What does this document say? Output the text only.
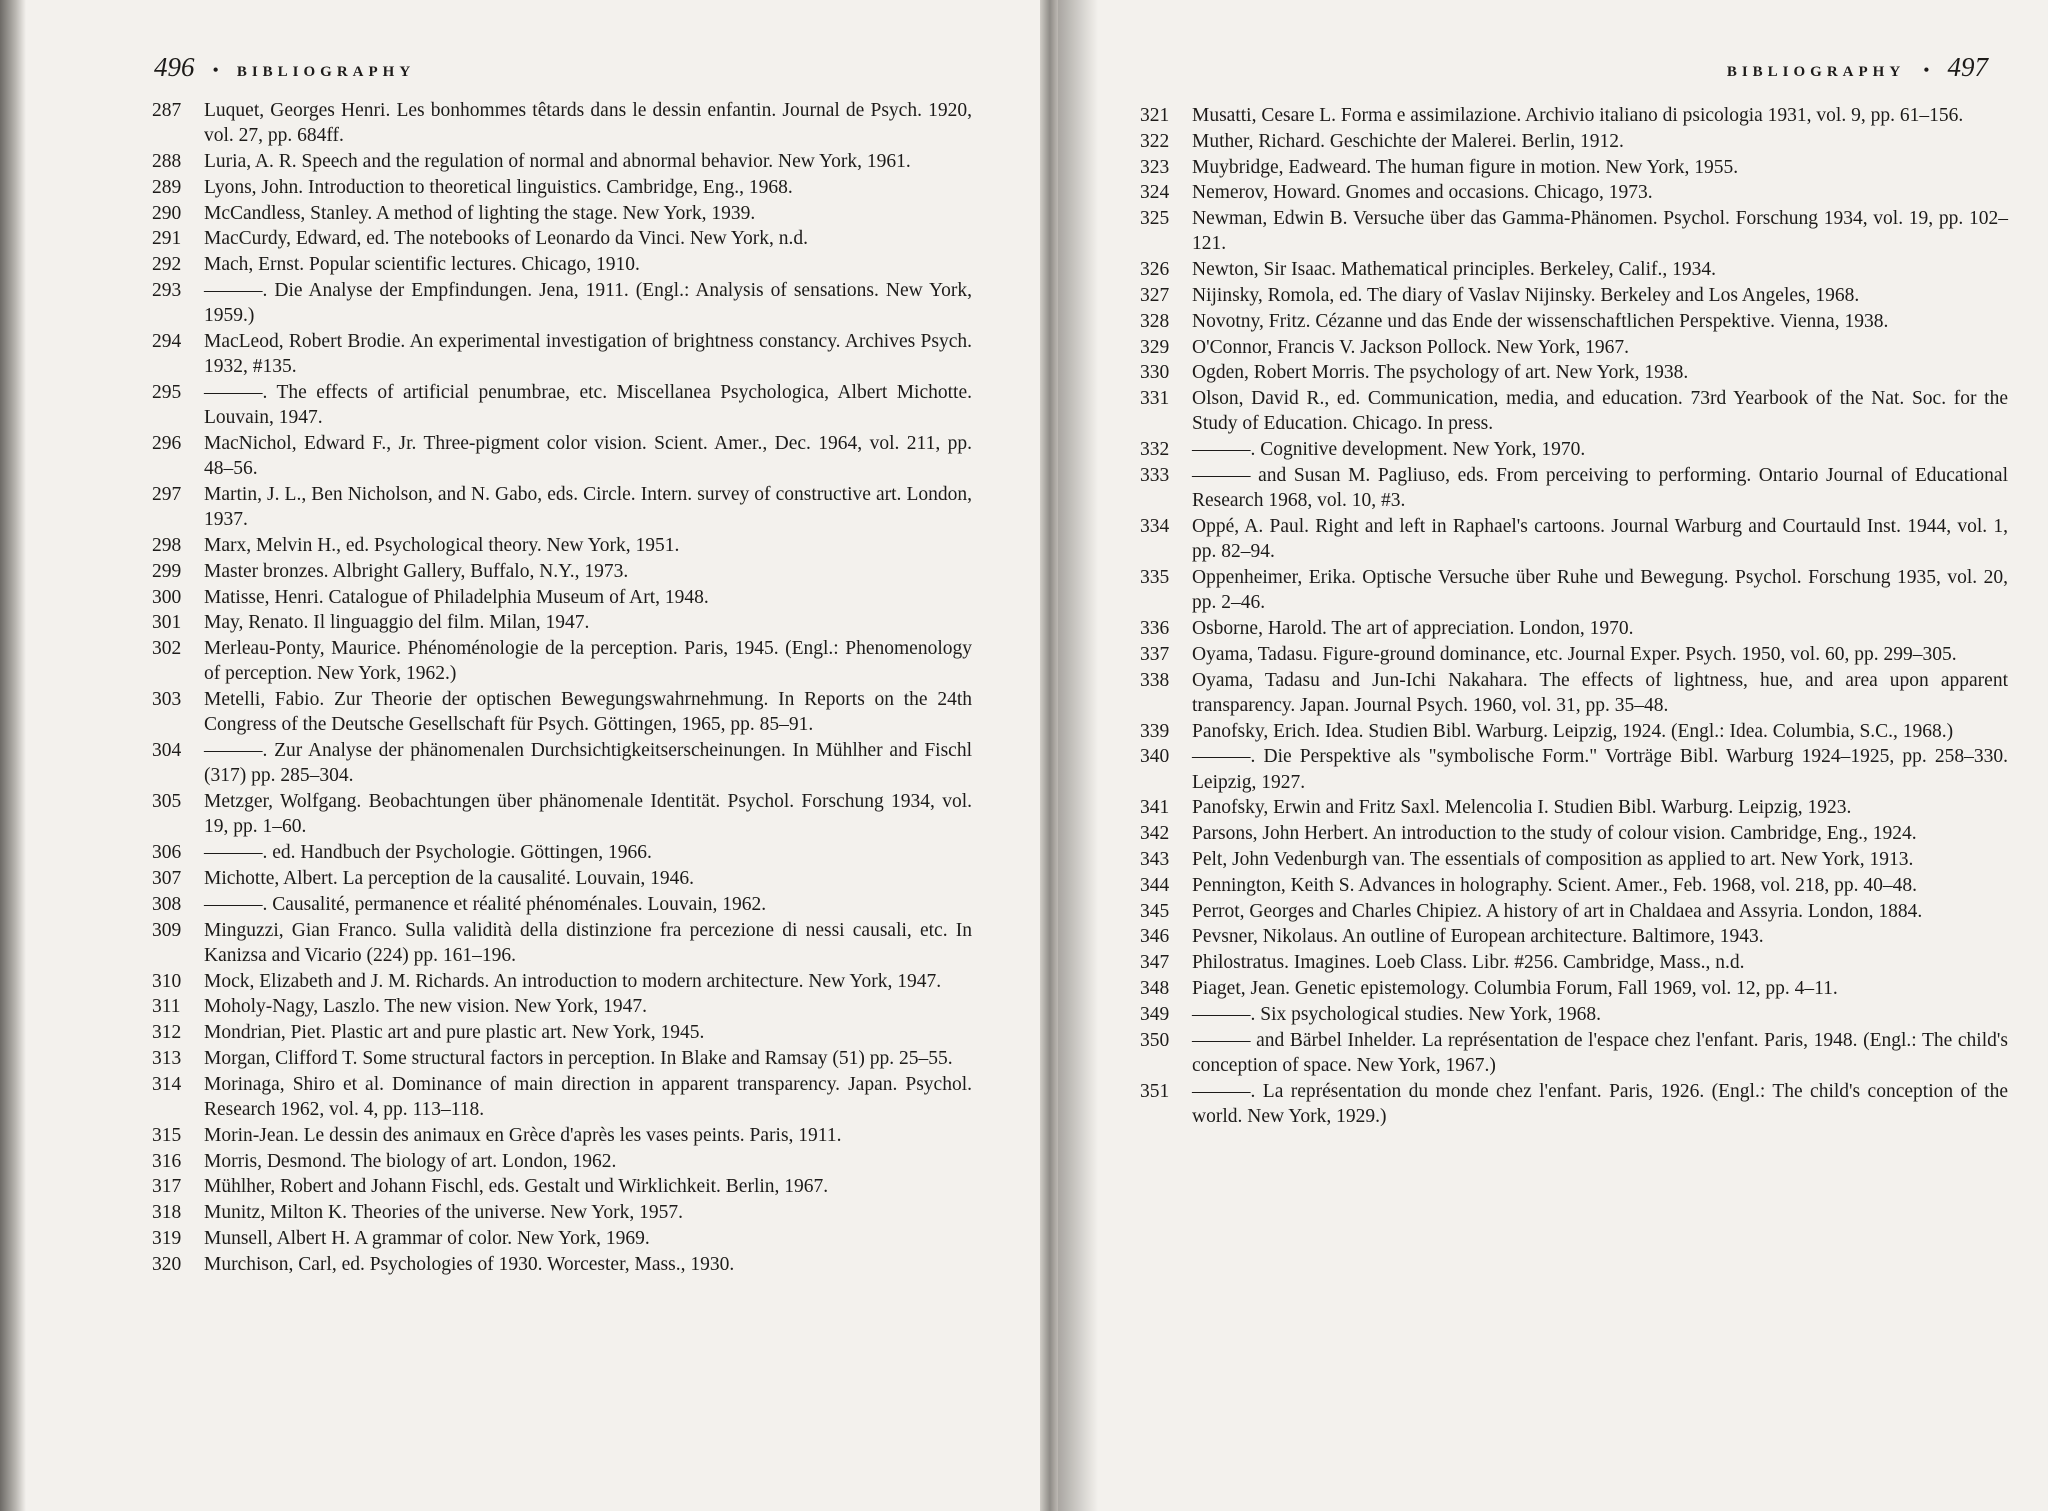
496 • BIBLIOGRAPHY
287	Luquet, Georges Henri. Les bonhommes têtards dans le dessin enfantin. Journal de Psych. 1920, vol. 27, pp. 684ff.
288	Luria, A. R. Speech and the regulation of normal and abnormal behavior. New York, 1961.
289	Lyons, John. Introduction to theoretical linguistics. Cambridge, Eng., 1968.
290	McCandless, Stanley. A method of lighting the stage. New York, 1939.
291	MacCurdy, Edward, ed. The notebooks of Leonardo da Vinci. New York, n.d.
292	Mach, Ernst. Popular scientific lectures. Chicago, 1910.
293	———. Die Analyse der Empfindungen. Jena, 1911. (Engl.: Analysis of sensations. New York, 1959.)
294	MacLeod, Robert Brodie. An experimental investigation of brightness constancy. Archives Psych. 1932, #135.
295	———. The effects of artificial penumbrae, etc. Miscellanea Psychologica, Albert Michotte. Louvain, 1947.
296	MacNichol, Edward F., Jr. Three-pigment color vision. Scient. Amer., Dec. 1964, vol. 211, pp. 48–56.
297	Martin, J. L., Ben Nicholson, and N. Gabo, eds. Circle. Intern. survey of constructive art. London, 1937.
298	Marx, Melvin H., ed. Psychological theory. New York, 1951.
299	Master bronzes. Albright Gallery, Buffalo, N.Y., 1973.
300	Matisse, Henri. Catalogue of Philadelphia Museum of Art, 1948.
301	May, Renato. Il linguaggio del film. Milan, 1947.
302	Merleau-Ponty, Maurice. Phénoménologie de la perception. Paris, 1945. (Engl.: Phenomenology of perception. New York, 1962.)
303	Metelli, Fabio. Zur Theorie der optischen Bewegungswahrnehmung. In Reports on the 24th Congress of the Deutsche Gesellschaft für Psych. Göttingen, 1965, pp. 85–91.
304	———. Zur Analyse der phänomenalen Durchsichtigkeitserscheinungen. In Mühlher and Fischl (317) pp. 285–304.
305	Metzger, Wolfgang. Beobachtungen über phänomenale Identität. Psychol. Forschung 1934, vol. 19, pp. 1–60.
306	———. ed. Handbuch der Psychologie. Göttingen, 1966.
307	Michotte, Albert. La perception de la causalité. Louvain, 1946.
308	———. Causalité, permanence et réalité phénoménales. Louvain, 1962.
309	Minguzzi, Gian Franco. Sulla validità della distinzione fra percezione di nessi causali, etc. In Kanizsa and Vicario (224) pp. 161–196.
310	Mock, Elizabeth and J. M. Richards. An introduction to modern architecture. New York, 1947.
311	Moholy-Nagy, Laszlo. The new vision. New York, 1947.
312	Mondrian, Piet. Plastic art and pure plastic art. New York, 1945.
313	Morgan, Clifford T. Some structural factors in perception. In Blake and Ramsay (51) pp. 25–55.
314	Morinaga, Shiro et al. Dominance of main direction in apparent transparency. Japan. Psychol. Research 1962, vol. 4, pp. 113–118.
315	Morin-Jean. Le dessin des animaux en Grèce d'après les vases peints. Paris, 1911.
316	Morris, Desmond. The biology of art. London, 1962.
317	Mühlher, Robert and Johann Fischl, eds. Gestalt und Wirklichkeit. Berlin, 1967.
318	Munitz, Milton K. Theories of the universe. New York, 1957.
319	Munsell, Albert H. A grammar of color. New York, 1969.
320	Murchison, Carl, ed. Psychologies of 1930. Worcester, Mass., 1930.
BIBLIOGRAPHY • 497
321	Musatti, Cesare L. Forma e assimilazione. Archivio italiano di psicologia 1931, vol. 9, pp. 61–156.
322	Muther, Richard. Geschichte der Malerei. Berlin, 1912.
323	Muybridge, Eadweard. The human figure in motion. New York, 1955.
324	Nemerov, Howard. Gnomes and occasions. Chicago, 1973.
325	Newman, Edwin B. Versuche über das Gamma-Phänomen. Psychol. Forschung 1934, vol. 19, pp. 102–121.
326	Newton, Sir Isaac. Mathematical principles. Berkeley, Calif., 1934.
327	Nijinsky, Romola, ed. The diary of Vaslav Nijinsky. Berkeley and Los Angeles, 1968.
328	Novotny, Fritz. Cézanne und das Ende der wissenschaftlichen Perspektive. Vienna, 1938.
329	O'Connor, Francis V. Jackson Pollock. New York, 1967.
330	Ogden, Robert Morris. The psychology of art. New York, 1938.
331	Olson, David R., ed. Communication, media, and education. 73rd Yearbook of the Nat. Soc. for the Study of Education. Chicago. In press.
332	———. Cognitive development. New York, 1970.
333	——— and Susan M. Pagliuso, eds. From perceiving to performing. Ontario Journal of Educational Research 1968, vol. 10, #3.
334	Oppé, A. Paul. Right and left in Raphael's cartoons. Journal Warburg and Courtauld Inst. 1944, vol. 1, pp. 82–94.
335	Oppenheimer, Erika. Optische Versuche über Ruhe und Bewegung. Psychol. Forschung 1935, vol. 20, pp. 2–46.
336	Osborne, Harold. The art of appreciation. London, 1970.
337	Oyama, Tadasu. Figure-ground dominance, etc. Journal Exper. Psych. 1950, vol. 60, pp. 299–305.
338	Oyama, Tadasu and Jun-Ichi Nakahara. The effects of lightness, hue, and area upon apparent transparency. Japan. Journal Psych. 1960, vol. 31, pp. 35–48.
339	Panofsky, Erich. Idea. Studien Bibl. Warburg. Leipzig, 1924. (Engl.: Idea. Columbia, S.C., 1968.)
340	———. Die Perspektive als "symbolische Form." Vorträge Bibl. Warburg 1924–1925, pp. 258–330. Leipzig, 1927.
341	Panofsky, Erwin and Fritz Saxl. Melencolia I. Studien Bibl. Warburg. Leipzig, 1923.
342	Parsons, John Herbert. An introduction to the study of colour vision. Cambridge, Eng., 1924.
343	Pelt, John Vedenburgh van. The essentials of composition as applied to art. New York, 1913.
344	Pennington, Keith S. Advances in holography. Scient. Amer., Feb. 1968, vol. 218, pp. 40–48.
345	Perrot, Georges and Charles Chipiez. A history of art in Chaldaea and Assyria. London, 1884.
346	Pevsner, Nikolaus. An outline of European architecture. Baltimore, 1943.
347	Philostratus. Imagines. Loeb Class. Libr. #256. Cambridge, Mass., n.d.
348	Piaget, Jean. Genetic epistemology. Columbia Forum, Fall 1969, vol. 12, pp. 4–11.
349	———. Six psychological studies. New York, 1968.
350	——— and Bärbel Inhelder. La représentation de l'espace chez l'enfant. Paris, 1948. (Engl.: The child's conception of space. New York, 1967.)
351	———. La représentation du monde chez l'enfant. Paris, 1926. (Engl.: The child's conception of the world. New York, 1929.)
